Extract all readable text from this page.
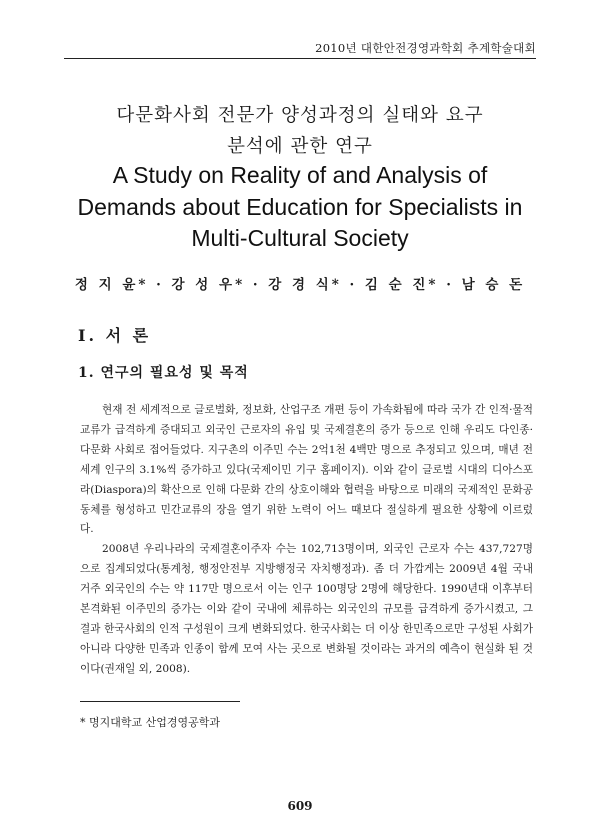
2010년 대한안전경영과학회 추계학술대회
다문화사회 전문가 양성과정의 실태와 요구
분석에 관한 연구
A Study on Reality of and Analysis of
Demands about Education for Specialists in
Multi-Cultural Society
정 지 윤* · 강 성 우* · 강 경 식* · 김 순 진* · 남 승 돈
Ⅰ. 서 론
1. 연구의 필요성 및 목적

현재 전 세계적으로 글로벌화, 정보화, 산업구조 개편 등이 가속화됨에 따라 국가 간 인적·물적 교류가 급격하게 증대되고 외국인 근로자의 유입 및 국제결혼의 증가 등으로 인해 우리도 다인종·다문화 사회로 접어들었다. 지구촌의 이주민 수는 2억1천 4백만 명으로 추정되고 있으며, 매년 전 세계 인구의 3.1%씩 증가하고 있다(국제이민 기구 홈페이지). 이와 같이 글로벌 시대의 디아스포라(Diaspora)의 확산으로 인해 다문화 간의 상호이해와 협력을 바탕으로 미래의 국제적인 문화공동체를 형성하고 민간교류의 장을 열기 위한 노력이 어느 때보다 절실하게 필요한 상황에 이르렀다.

2008년 우리나라의 국제결혼이주자 수는 102,713명이며, 외국인 근로자 수는 437,727명으로 집계되었다(통계청, 행정안전부 지방행정국 자치행정과). 좀 더 가깝게는 2009년 4월 국내 거주 외국인의 수는 약 117만 명으로서 이는 인구 100명당 2명에 해당한다. 1990년대 이후부터 본격화된 이주민의 증가는 이와 같이 국내에 체류하는 외국인의 규모를 급격하게 증가시켰고, 그 결과 한국사회의 인적 구성원이 크게 변화되었다. 한국사회는 더 이상 한민족으로만 구성된 사회가 아니라 다양한 민족과 인종이 함께 모여 사는 곳으로 변화될 것이라는 과거의 예측이 현실화 된 것이다(권재일 외, 2008).

* 명지대학교 산업경영공학과
609
